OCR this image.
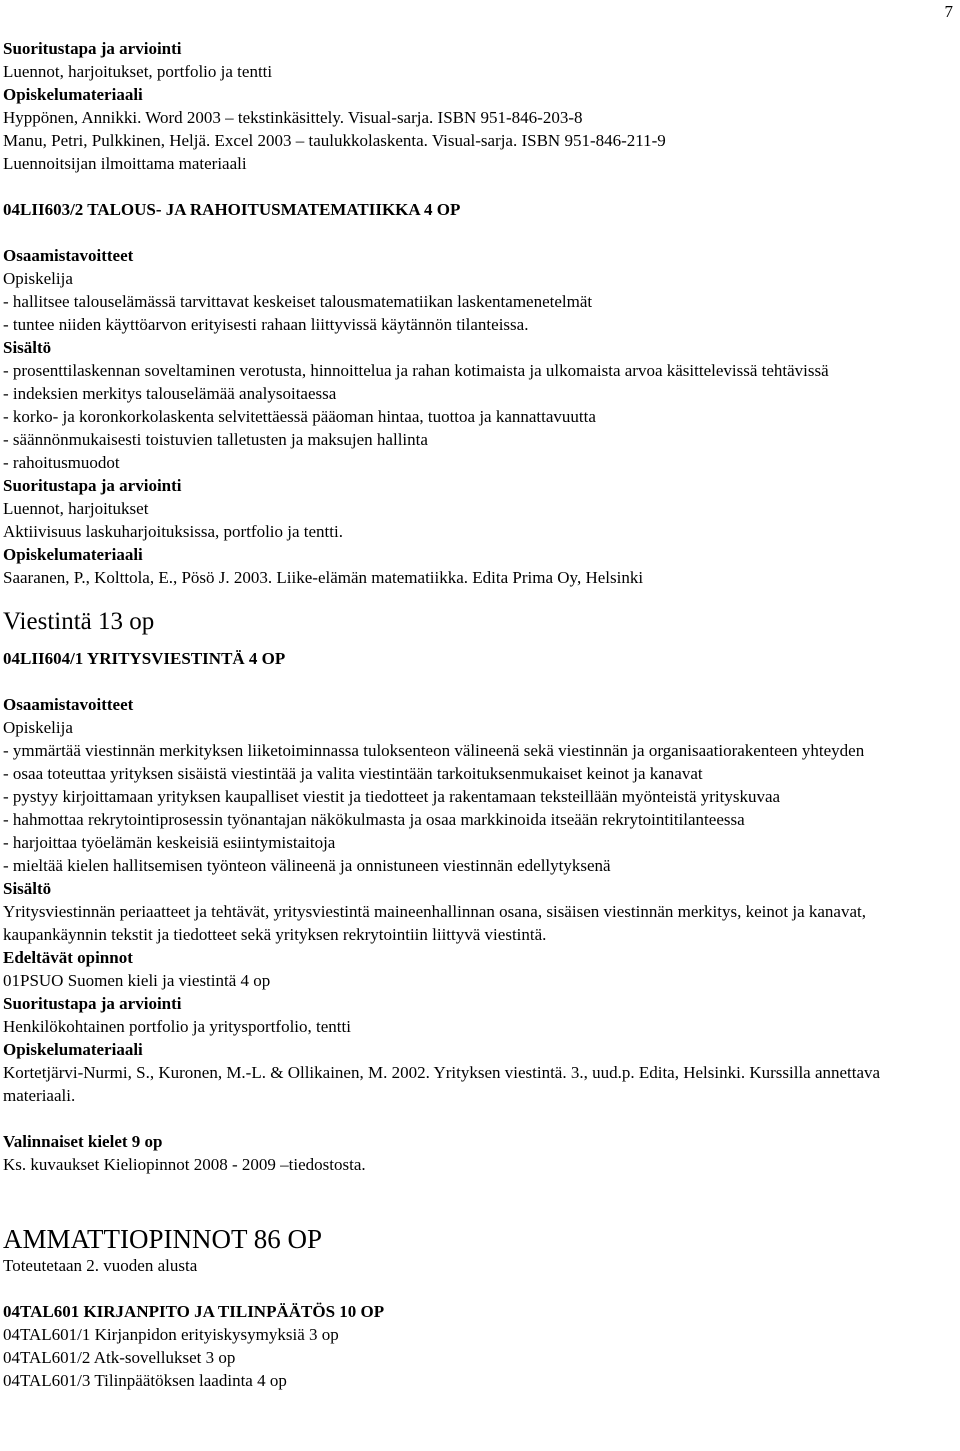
7
Suoritustapa ja arviointi
Luennot, harjoitukset, portfolio ja tentti
Opiskelumateriaali
Hyppönen, Annikki. Word 2003 – tekstinkäsittely. Visual-sarja. ISBN 951-846-203-8
Manu, Petri, Pulkkinen, Heljä. Excel 2003 – taulukkolaskenta. Visual-sarja. ISBN 951-846-211-9
Luennoitsijan ilmoittama materiaali
04LII603/2 TALOUS- JA RAHOITUSMATEMATIIKKA 4 OP
Osaamistavoitteet
Opiskelija
- hallitsee talouselämässä tarvittavat keskeiset talousmatematiikan laskentamenetelmät
- tuntee niiden käyttöarvon erityisesti rahaan liittyvissä käytännön tilanteissa.
Sisältö
- prosenttilaskennan soveltaminen verotusta, hinnoittelua ja rahan kotimaista ja ulkomaista arvoa käsittelevissä tehtävissä
- indeksien merkitys talouselämää analysoitaessa
- korko- ja koronkorkolaskenta selvitettäessä pääoman hintaa, tuottoa ja kannattavuutta
- säännönmukaisesti toistuvien talletusten ja maksujen hallinta
- rahoitusmuodot
Suoritustapa ja arviointi
Luennot, harjoitukset
Aktiivisuus laskuharjoituksissa, portfolio ja tentti.
Opiskelumateriaali
Saaranen, P., Kolttola, E., Pösö J. 2003. Liike-elämän matematiikka. Edita Prima Oy, Helsinki
Viestintä 13 op
04LII604/1 YRITYSVIESTINTÄ 4 OP
Osaamistavoitteet
Opiskelija
- ymmärtää viestinnän merkityksen liiketoiminnassa tuloksenteon välineenä sekä viestinnän ja organisaatiorakenteen yhteyden
- osaa toteuttaa yrityksen sisäistä viestintää ja valita viestintään tarkoituksenmukaiset keinot ja kanavat
- pystyy kirjoittamaan yrityksen kaupalliset viestit ja tiedotteet ja rakentamaan teksteillään myönteistä yrityskuvaa
- hahmottaa rekrytointiprosessin työnantajan näkökulmasta ja osaa markkinoida itseään rekrytointitilanteessa
- harjoittaa työelämän keskeisiä esiintymistaitoja
- mieltää kielen hallitsemisen työnteon välineenä ja onnistuneen viestinnän edellytyksenä
Sisältö
Yritysviestinnän periaatteet ja tehtävät, yritysviestintä maineenhallinnan osana, sisäisen viestinnän merkitys, keinot ja kanavat, kaupankäynnin tekstit ja tiedotteet sekä yrityksen rekrytointiin liittyvä viestintä.
Edeltävät opinnot
01PSUO Suomen kieli ja viestintä 4 op
Suoritustapa ja arviointi
Henkilökohtainen portfolio ja yritysportfolio, tentti
Opiskelumateriaali
Kortetjärvi-Nurmi, S., Kuronen, M.-L. & Ollikainen, M. 2002. Yrityksen viestintä. 3., uud.p. Edita, Helsinki. Kurssilla annettava materiaali.
Valinnaiset kielet 9 op
Ks. kuvaukset Kieliopinnot 2008 - 2009 –tiedostosta.
AMMATTIOPINNOT 86 OP
Toteutetaan 2. vuoden alusta
04TAL601 KIRJANPITO JA TILINPÄÄTÖS 10 OP
04TAL601/1 Kirjanpidon erityiskysymyksiä 3 op
04TAL601/2 Atk-sovellukset 3 op
04TAL601/3 Tilinpäätöksen laadinta 4 op
